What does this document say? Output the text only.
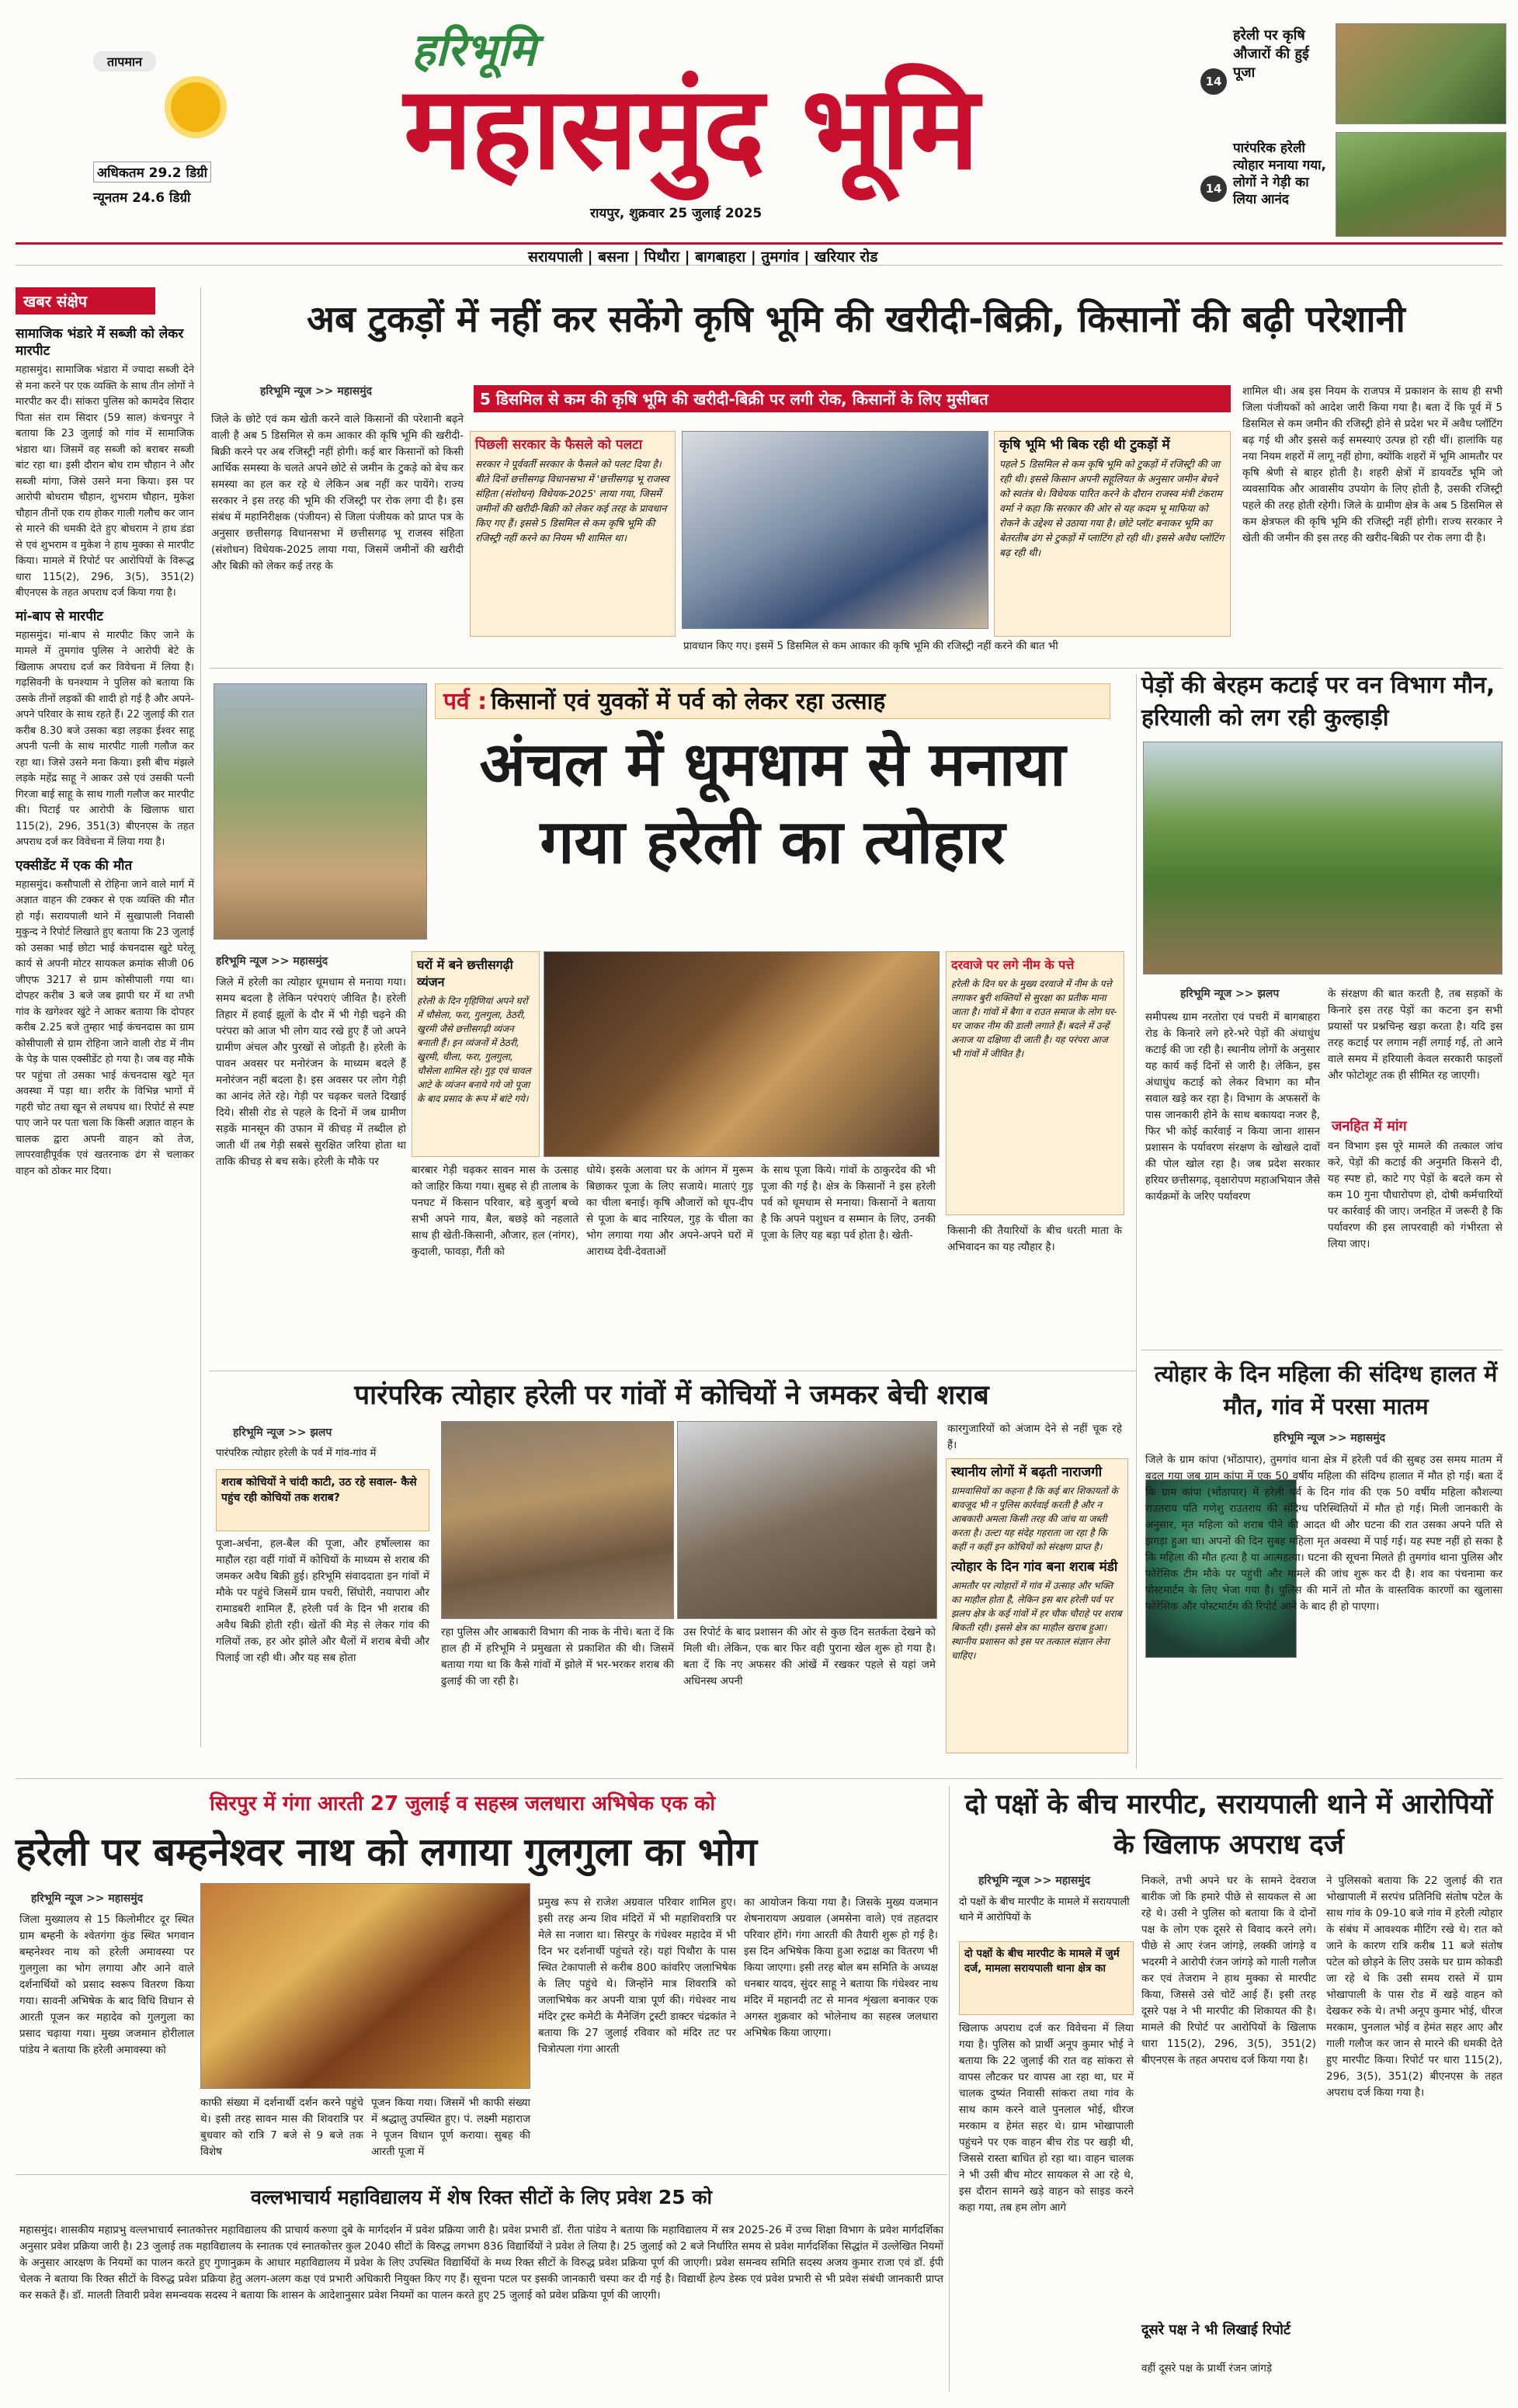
तापमान
अधिकतम 29.2 डिग्री
न्यूनतम 24.6 डिग्री
हरिभूमि
महासमुंद भूमि
रायपुर, शुक्रवार 25 जुलाई 2025
14
हरेली पर कृषि औजारों की हुई पूजा
14
पारंपरिक हरेली त्योहार मनाया गया, लोगों ने गेड़ी का लिया आनंद
सरायपाली | बसना | पिथौरा | बागबाहरा | तुमगांव | खरियार रोड
खबर संक्षेप
सामाजिक भंडारे में सब्जी को लेकर मारपीट

महासमुंद। सामाजिक भंडारा में ज्यादा सब्जी देने से मना करने पर एक व्यक्ति के साथ तीन लोगों ने मारपीट कर दी। सांकरा पुलिस को कामदेव सिदार पिता संत राम सिदार (59 साल) कंचनपुर ने बताया कि 23 जुलाई को गांव में सामाजिक भंडारा था। जिसमें वह सब्जी को बराबर सब्जी बांट रहा था। इसी दौरान बोध राम चौहान ने और सब्जी मांगा, जिसे उसने मना किया। इस पर आरोपी बोधराम चौहान, शुभराम चौहान, मुकेश चौहान तीनों एक राय होकर गाली गलौच कर जान से मारने की धमकी देते हुए बोधराम ने हाथ डंडा से एवं शुभराम व मुकेश ने हाथ मुक्का से मारपीट किया। मामले में रिपोर्ट पर आरोपियों के विरूद्ध धारा 115(2), 296, 3(5), 351(2) बीएनएस के तहत अपराध दर्ज किया गया है।

मां-बाप से मारपीट

महासमुंद। मां-बाप से मारपीट किए जाने के मामले में तुमगांव पुलिस ने आरोपी बेटे के खिलाफ अपराध दर्ज कर विवेचना में लिया है। गढ़सिवनी के घनश्याम ने पुलिस को बताया कि उसके तीनों लड़कों की शादी हो गई है और अपने-अपने परिवार के साथ रहते हैं। 22 जुलाई की रात करीब 8.30 बजे उसका बड़ा लड़का ईश्वर साहू अपनी पत्नी के साथ मारपीट गाली गलौज कर रहा था। जिसे उसने मना किया। इसी बीच मंझले लड़के महेंद्र साहू ने आकर उसे एवं उसकी पत्नी गिरजा बाई साहू के साथ गाली गलौज कर मारपीट की। पिटाई पर आरोपी के खिलाफ धारा 115(2), 296, 351(3) बीएनएस के तहत अपराध दर्ज कर विवेचना में लिया गया है।

एक्सीडेंट में एक की मौत

महासमुंद। कसौपाली से रोहिना जाने वाले मार्ग में अज्ञात वाहन की टक्कर से एक व्यक्ति की मौत हो गई। सरायपाली थाने में सुखापाली निवासी मुकुन्द ने रिपोर्ट लिखाते हुए बताया कि 23 जुलाई को उसका भाई छोटा भाई कंचनदास खुटे घरेलू कार्य से अपनी मोटर सायकल क्रमांक सीजी 06 जीएफ 3217 से ग्राम कोसीपाली गया था। दोपहर करीब 3 बजे जब झापी घर में था तभी गांव के खगेश्वर खुंटे ने आकर बताया कि दोपहर करीब 2.25 बजे तुम्हार भाई कंचनदास का ग्राम कोसीपाली से ग्राम रोहिना जाने वाली रोड में नीम के पेड़ के पास एक्सीडेंट हो गया है। जब वह मौके पर पहुंचा तो उसका भाई कंचनदास खुटे मृत अवस्था में पड़ा था। शरीर के विभिन्न भागों में गहरी चोट तथा खून से लथपथ था। रिपोर्ट से स्पष्ट पाए जाने पर पता चला कि किसी अज्ञात वाहन के चालक द्वारा अपनी वाहन को तेज, लापरवाहीपूर्वक एवं खतरनाक ढंग से चलाकर वाहन को ठोकर मार दिया।

अब टुकड़ों में नहीं कर सकेंगे कृषि भूमि की खरीदी-बिक्री, किसानों की बढ़ी परेशानी
हरिभूमि न्यूज >> महासमुंद	5 डिसमिल से कम की कृषि भूमि की खरीदी-बिक्री पर लगी रोक, किसानों के लिए मुसीबत

जिले के छोटे एवं कम खेती करने वाले किसानों की परेशानी बढ़ने वाली है अब 5 डिसमिल से कम आकार की कृषि भूमि की खरीदी-बिक्री करने पर अब रजिस्ट्री नहीं होगी। कई बार किसानों को किसी आर्थिक समस्या के चलते अपने छोटे से जमीन के टुकड़े को बेच कर समस्या का हल कर रहे थे लेकिन अब नहीं कर पायेंगे। राज्य सरकार ने इस तरह की भूमि की रजिस्ट्री पर रोक लगा दी है। इस संबंध में महानिरीक्षक (पंजीयन) से जिला पंजीयक को प्राप्त पत्र के अनुसार छत्तीसगढ़ विधानसभा में छत्तीसगढ़ भू राजस्व संहिता (संशोधन) विधेयक-2025 लाया गया, जिसमें जमीनों की खरीदी और बिक्री को लेकर कई तरह के

पिछली सरकार के फैसले को पलटा

सरकार ने पूर्ववर्ती सरकार के फैसले को पलट दिया है। बीते दिनों छत्तीसगढ़ विधानसभा में 'छत्तीसगढ़ भू राजस्व संहिता (संशोधन) विधेयक-2025' लाया गया, जिसमें जमीनों की खरीदी-बिक्री को लेकर कई तरह के प्रावधान किए गए हैं। इससे 5 डिसमिल से कम कृषि भूमि की रजिस्ट्री नहीं करने का नियम भी शामिल था।

कृषि भूमि भी बिक रही थी टुकड़ों में

पहले 5 डिसमिल से कम कृषि भूमि को टुकड़ों में रजिस्ट्री की जा रही थी। इससे किसान अपनी सहूलियत के अनुसार जमीन बेचने को स्वतंत्र थे। विधेयक पारित करने के दौरान राजस्व मंत्री टंकराम वर्मा ने कहा कि सरकार की ओर से यह कदम भू माफिया को रोकने के उद्देश्य से उठाया गया है। छोटे प्लॉट बनाकर भूमि का बेतरतीब ढंग से टुकड़ों में प्लाटिंग हो रही थी। इससे अवैध प्लॉटिंग बढ़ रही थी।

प्रावधान किए गए। इसमें 5 डिसमिल से कम आकार की कृषि भूमि की रजिस्ट्री नहीं करने की बात भी

शामिल थी। अब इस नियम के राजपत्र में प्रकाशन के साथ ही सभी जिला पंजीयकों को आदेश जारी किया गया है। बता दें कि पूर्व में 5 डिसमिल से कम जमीन की रजिस्ट्री होने से प्रदेश भर में अवैध प्लॉटिंग बढ़ गई थी और इससे कई समस्याएं उत्पन्न हो रही थीं। हालांकि यह नया नियम शहरों में लागू नहीं होगा, क्योंकि शहरों में भूमि आमतौर पर कृषि श्रेणी से बाहर होती है। शहरी क्षेत्रों में डायवर्टेड भूमि जो व्यवसायिक और आवासीय उपयोग के लिए होती है, उसकी रजिस्ट्री पहले की तरह होती रहेगी। जिले के ग्रामीण क्षेत्र के अब 5 डिसमिल से कम क्षेत्रफल की कृषि भूमि की रजिस्ट्री नहीं होगी। राज्य सरकार ने खेती की जमीन की इस तरह की खरीद-बिक्री पर रोक लगा दी है।

पर्व : किसानों एवं युवकों में पर्व को लेकर रहा उत्साह
अंचल में धूमधाम से मनाया गया हरेली का त्योहार
हरिभूमि न्यूज >> महासमुंद

जिले में हरेली का त्योहार धूमधाम से मनाया गया। समय बदला है लेकिन परंपराएं जीवित है। हरेली तिहार में हवाई झूलों के दौर में भी गेड़ी चढ़ने की परंपरा को आज भी लोग याद रखे हुए हैं जो अपने ग्रामीण अंचल और पुरखों से जोड़ती है। हरेली के पावन अवसर पर मनोरंजन के माध्यम बदले हैं मनोरंजन नहीं बदला है। इस अवसर पर लोग गेड़ी का आनंद लेते रहे। गेड़ी पर चढ़कर चलते दिखाई दिये। सीसी रोड से पहले के दिनों में जब ग्रामीण सड़कें मानसून की उफान में कीचड़ में तब्दील हो जाती थीं तब गेड़ी सबसे सुरक्षित जरिया होता था ताकि कीचड़ से बच सके। हरेली के मौके पर

घरों में बने छत्तीसगढ़ी व्यंजन

हरेली के दिन गृहिणियां अपने घरों में चौसेला, फरा, गुलगुला, ठेठरी, खुरमी जैसे छत्तीसगढ़ी व्यंजन बनाती हैं। इन व्यंजनों में ठेठरी, खुरमी, चीला, फरा, गुलगुला, चौसेला शामिल रहे। गुड़ एवं चावल आटे के व्यंजन बनाये गये जो पूजा के बाद प्रसाद के रूप में बांटे गये।

दरवाजे पर लगे नीम के पत्ते

हरेली के दिन घर के मुख्य दरवाजे में नीम के पत्ते लगाकर बुरी शक्तियों से सुरक्षा का प्रतीक माना जाता है। गांवों में बैगा व राउत समाज के लोग घर-घर जाकर नीम की डाली लगाते हैं। बदले में उन्हें अनाज या दक्षिणा दी जाती है। यह परंपरा आज भी गांवों में जीवित है।

बारबार गेड़ी चढ़कर सावन मास के उत्साह को जाहिर किया गया। सुबह से ही तालाब के पनघट में किसान परिवार, बड़े बुजुर्ग बच्चे सभी अपने गाय, बैल, बछड़े को नहलाते साथ ही खेती-किसानी, औजार, हल (नांगर), कुदाली, फावड़ा, गैंती को

धोये। इसके अलावा घर के आंगन में मुरूम बिछाकर पूजा के लिए सजाये। माताएं गुड़ का चीला बनाई। कृषि औजारों को धूप-दीप से पूजा के बाद नारियल, गुड़ के चीला का भोग लगाया गया और अपने-अपने घरों में आराध्य देवी-देवताओं

के साथ पूजा किये। गांवों के ठाकुरदेव की भी पूजा की गई है। क्षेत्र के किसानों ने इस हरेली पर्व को धूमधाम से मनाया। किसानों ने बताया है कि अपने पशुधन व सम्मान के लिए, उनकी पूजा के लिए यह बड़ा पर्व होता है। खेती-	किसानी की तैयारियों के बीच धरती माता के अभिवादन का यह त्यौहार है।

पेड़ों की बेरहम कटाई पर वन विभाग मौन, हरियाली को लग रही कुल्हाड़ी
हरिभूमि न्यूज >> झलप

समीपस्थ ग्राम नरतोरा एवं पचरी में बागबाहरा रोड के किनारे लगे हरे-भरे पेड़ों की अंधाधुंध कटाई की जा रही है। स्थानीय लोगों के अनुसार यह कार्य कई दिनों से जारी है। लेकिन, इस अंधाधुंध कटाई को लेकर विभाग का मौन सवाल खड़े कर रहा है। विभाग के अफसरों के पास जानकारी होने के साथ बकायदा नजर है, फिर भी कोई कार्रवाई न किया जाना शासन प्रशासन के पर्यावरण संरक्षण के खोखले दावों की पोल खोल रहा है। जब प्रदेश सरकार हरियर छत्तीसगढ़, वृक्षारोपण महाअभियान जैसे कार्यक्रमों के जरिए पर्यावरण

के संरक्षण की बात करती है, तब सड़कों के किनारे इस तरह पेड़ों का कटना इन सभी प्रयासों पर प्रश्नचिन्ह खड़ा करता है। यदि इस तरह कटाई पर लगाम नहीं लगाई गई, तो आने वाले समय में हरियाली केवल सरकारी फाइलों और फोटोशूट तक ही सीमित रह जाएगी।

जनहित में मांग

वन विभाग इस पूरे मामले की तत्काल जांच करे, पेड़ों की कटाई की अनुमति किसने दी, यह स्पष्ट हो, काटे गए पेड़ों के बदले कम से कम 10 गुना पौधारोपण हो, दोषी कर्मचारियों पर कार्रवाई की जाए। जनहित में जरूरी है कि पर्यावरण की इस लापरवाही को गंभीरता से लिया जाए।

पारंपरिक त्योहार हरेली पर गांवों में कोचियों ने जमकर बेची शराब
हरिभूमि न्यूज >> झलप
पारंपरिक त्योहार हरेली के पर्व में गांव-गांव में
शराब कोचियों ने चांदी काटी, उठ रहे सवाल- कैसे पहुंच रही कोचियों तक शराब?

पूजा-अर्चना, हल-बैल की पूजा, और हर्षोल्लास का माहौल रहा वहीं गांवों में कोचियों के माध्यम से शराब की जमकर अवैध बिक्री हुई। हरिभूमि संवाददाता इन गांवों में मौके पर पहुंचे जिसमें ग्राम पचरी, सिंघोरी, नयापारा और रामाडबरी शामिल हैं, हरेली पर्व के दिन भी शराब की अवैध बिक्री होती रही। खेतों की मेड़ से लेकर गांव की गलियों तक, हर ओर झोले और थैलों में शराब बेची और पिलाई जा रही थी। और यह सब होता

रहा पुलिस और आबकारी विभाग की नाक के नीचे। बता दें कि हाल ही में हरिभूमि ने प्रमुखता से प्रकाशित की थी। जिसमें बताया गया था कि कैसे गांवों में झोले में भर-भरकर शराब की ढुलाई की जा रही है।

उस रिपोर्ट के बाद प्रशासन की ओर से कुछ दिन सतर्कता देखने को मिली थी। लेकिन, एक बार फिर वही पुराना खेल शुरू हो गया है। बता दें कि नए अफसर की आंखें में रखकर पहले से यहां जमे अधिनस्थ अपनी

कारगुजारियों को अंजाम देने से नहीं चूक रहे हैं।

स्थानीय लोगों में बढ़ती नाराजगी

ग्रामवासियों का कहना है कि कई बार शिकायतों के बावजूद भी न पुलिस कार्रवाई करती है और न आबकारी अमला किसी तरह की जांच या जब्ती करता है। उल्टा यह संदेह गहराता जा रहा है कि कहीं न कहीं इन कोचियों को संरक्षण प्राप्त है।

त्योहार के दिन गांव बना शराब मंडी

आमतौर पर त्योहारों में गांव में उत्साह और भक्ति का माहौल होता है, लेकिन इस बार हरेली पर्व पर झलप क्षेत्र के कई गांवों में हर चौक चौराहे पर शराब बिकती रही। इससे क्षेत्र का माहौल खराब हुआ। स्थानीय प्रशासन को इस पर तत्काल संज्ञान लेना चाहिए।

त्योहार के दिन महिला की संदिग्ध हालत में मौत, गांव में परसा मातम
हरिभूमि न्यूज >> महासमुंद

जिले के ग्राम कांपा (भोंठापार), तुमगांव थाना क्षेत्र में हरेली पर्व की सुबह उस समय मातम में बदल गया जब ग्राम कांपा में एक 50 वर्षीय महिला की संदिग्ध हालात में मौत हो गई। बता दें कि ग्राम कांपा (भोंठापार) में हरेली पर्व के दिन गांव की एक 50 वर्षीय महिला कौशल्या राउतराय पति गणेशु राउतराय की संदिग्ध परिस्थितियों में मौत हो गई। मिली जानकारी के अनुसार, मृत महिला को शराब पीने की आदत थी और घटना की रात उसका अपने पति से झगड़ा हुआ था। अपनों की दिन सुबह महिला मृत अवस्था में पाई गई। यह स्पष्ट नहीं हो सका है कि महिला की मौत हत्या है या आत्महत्या। घटना की सूचना मिलते ही तुमगांव थाना पुलिस और फोरेंसिक टीम मौके पर पहुंची और मामले की जांच शुरू कर दी है। शव का पंचनामा कर पोस्टमार्टम के लिए भेजा गया है। पुलिस की मानें तो मौत के वास्तविक कारणों का खुलासा फोरेंसिक और पोस्टमार्टम की रिपोर्ट आने के बाद ही हो पाएगा।

सिरपुर में गंगा आरती 27 जुलाई व सहस्त्र जलधारा अभिषेक एक को
हरेली पर बम्हनेश्वर नाथ को लगाया गुलगुला का भोग
हरिभूमि न्यूज >> महासमुंद

जिला मुख्यालय से 15 किलोमीटर दूर स्थित ग्राम बम्हनी के श्वेतगंगा कुंड स्थित भगवान बम्हनेश्वर नाथ को हरेली अमावस्या पर गुलगुला का भोग लगाया और आने वाले दर्शनार्थियों को प्रसाद स्वरूप वितरण किया गया। सावनी अभिषेक के बाद विधि विधान से आरती पूजन कर महादेव को गुलगुला का प्रसाद चढ़ाया गया। मुख्य जजमान होरीलाल पांडेय ने बताया कि हरेली अमावस्या को

काफी संख्या में दर्शनार्थी दर्शन करने पहुंचे थे। इसी तरह सावन मास की शिवरात्रि पर बुधवार को रात्रि 7 बजे से 9 बजे तक विशेष

पूजन किया गया। जिसमें भी काफी संख्या में श्रद्धालु उपस्थित हुए। पं. लक्ष्मी महाराज ने पूजन विधान पूर्ण कराया। सुबह की आरती पूजा में

प्रमुख रूप से राजेश अग्रवाल परिवार शामिल हुए। इसी तरह अन्य शिव मंदिरों में भी महाशिवरात्रि पर मेले सा नजारा था। सिरपुर के गंधेश्वर महादेव में भी दिन भर दर्शनार्थी पहुंचते रहे। यहां पिथौरा के पास स्थित टेकापाली से करीब 800 कांवरिए जलाभिषेक के लिए पहुंचे थे। जिन्होंने मात्र शिवरात्रि को जलाभिषेक कर अपनी यात्रा पूर्ण की। गंधेश्वर नाथ मंदिर ट्रस्ट कमेटी के मैनेजिंग ट्रस्टी डाक्टर चंद्रकांत ने बताया कि 27 जुलाई रविवार को मंदिर तट पर चित्रोत्पला गंगा आरती

का आयोजन किया गया है। जिसके मुख्य यजमान शेषनारायण अग्रवाल (अमसेना वाले) एवं तहतदार परिवार होंगे। गंगा आरती की तैयारी शुरू हो गई है। इस दिन अभिषेक किया हुआ रुद्राक्ष का वितरण भी किया जाएगा। इसी तरह बोल बम समिति के अध्यक्ष धनबार यादव, सुंदर साहू ने बताया कि गंधेश्वर नाथ मंदिर में महानदी तट से मानव शृंखला बनाकर एक अगस्त शुक्रवार को भोलेनाथ का सहस्त्र जलधारा अभिषेक किया जाएगा।

दो पक्षों के बीच मारपीट, सरायपाली थाने में आरोपियों के खिलाफ अपराध दर्ज
हरिभूमि न्यूज >> महासमुंद
दो पक्षों के बीच मारपीट के मामले में सरायपाली थाने में आरोपियों के
दो पक्षों के बीच मारपीट के मामले में जुर्म दर्ज, मामला सरायपाली थाना क्षेत्र का

खिलाफ अपराध दर्ज कर विवेचना में लिया गया है। पुलिस को प्रार्थी अनूप कुमार भोई ने बताया कि 22 जुलाई की रात वह सांकरा से वापस लौटकर घर वापस आ रहा था, घर में चालक दुष्यंत निवासी सांकरा तथा गांव के साथ काम करने वाले पुनलाल भोई, धीरज मरकाम व हेमंत सहर थे। ग्राम भोखापाली पहुंचने पर एक वाहन बीच रोड पर खड़ी थी, जिससे रास्ता बाधित हो रहा था। वाहन चालक ने भी उसी बीच मोटर सायकल से आ रहे थे, इस दौरान सामने खड़े वाहन को साइड करने कहा गया, तब हम लोग आगे

निकले, तभी अपने घर के सामने देवराज बारीक जो कि हमारे पीछे से सायकल से आ रहे थे। उसी ने पुलिस को बताया कि वे दोनों पक्ष के लोग एक दूसरे से विवाद करने लगे। पीछे से आए रंजन जांगड़े, लक्की जांगड़े व भदरमी ने आरोपी रंजन जांगड़े को गाली गलौज कर एवं तेजराम ने हाथ मुक्का से मारपीट किया, जिससे उसे चोटें आई हैं। इसी तरह दूसरे पक्ष ने भी मारपीट की शिकायत की है। मामले की रिपोर्ट पर आरोपियों के खिलाफ धारा 115(2), 296, 3(5), 351(2) बीएनएस के तहत अपराध दर्ज किया गया है।

दूसरे पक्ष ने भी लिखाई रिपोर्ट

वहीं दूसरे पक्ष के प्रार्थी रंजन जांगड़े

ने पुलिसको बताया कि 22 जुलाई की रात भोखापाली में सरपंच प्रतिनिधि संतोष पटेल के साथ गांव के 09-10 बजे गांव में हरेली त्योहार के संबंध में आवश्यक मीटिंग रखे थे। रात को जाने के कारण रात्रि करीब 11 बजे संतोष पटेल को छोड़ने के लिए उसके घर ग्राम कोकडी जा रहे थे कि उसी समय रास्ते में ग्राम भोखापाली के पास रोड में खड़े वाहन को देखकर रुके थे। तभी अनूप कुमार भोई, धीरज मरकाम, पुनलाल भोई व हेमंत सहर आए और गाली गलौज कर जान से मारने की धमकी देते हुए मारपीट किया। रिपोर्ट पर धारा 115(2), 296, 3(5), 351(2) बीएनएस के तहत अपराध दर्ज किया गया है।

वल्लभाचार्य महाविद्यालय में शेष रिक्त सीटों के लिए प्रवेश 25 को

महासमुंद। शासकीय महाप्रभु वल्लभाचार्य स्नातकोत्तर महाविद्यालय की प्राचार्य करुणा दुबे के मार्गदर्शन में प्रवेश प्रक्रिया जारी है। प्रवेश प्रभारी डॉ. रीता पांडेय ने बताया कि महाविद्यालय में सत्र 2025-26 में उच्च शिक्षा विभाग के प्रवेश मार्गदर्शिका अनुसार प्रवेश प्रक्रिया जारी है। 23 जुलाई तक महाविद्यालय के स्नातक एवं स्नातकोत्तर कुल 2040 सीटों के विरुद्ध लगभग 836 विद्यार्थियों ने प्रवेश ले लिया है। 25 जुलाई को 2 बजे निर्धारित समय से प्रवेश मार्गदर्शिका सिद्धांत में उल्लेखित नियमों के अनुसार आरक्षण के नियमों का पालन करते हुए गुणानुक्रम के आधार महाविद्यालय में प्रवेश के लिए उपस्थित विद्यार्थियों के मध्य रिक्त सीटों के विरुद्ध प्रवेश प्रक्रिया पूर्ण की जाएगी। प्रवेश समन्वय समिति सदस्य अजय कुमार राजा एवं डॉ. ईपी चेलक ने बताया कि रिक्त सीटों के विरुद्ध प्रवेश प्रक्रिया हेतु अलग-अलग कक्ष एवं प्रभारी अधिकारी नियुक्त किए गए हैं। सूचना पटल पर इसकी जानकारी चस्पा कर दी गई है। विद्यार्थी हेल्प डेस्क एवं प्रवेश प्रभारी से भी प्रवेश संबंधी जानकारी प्राप्त कर सकते हैं। डॉ. मालती तिवारी प्रवेश समन्वयक सदस्य ने बताया कि शासन के आदेशानुसार प्रवेश नियमों का पालन करते हुए 25 जुलाई को प्रवेश प्रक्रिया पूर्ण की जाएगी।
